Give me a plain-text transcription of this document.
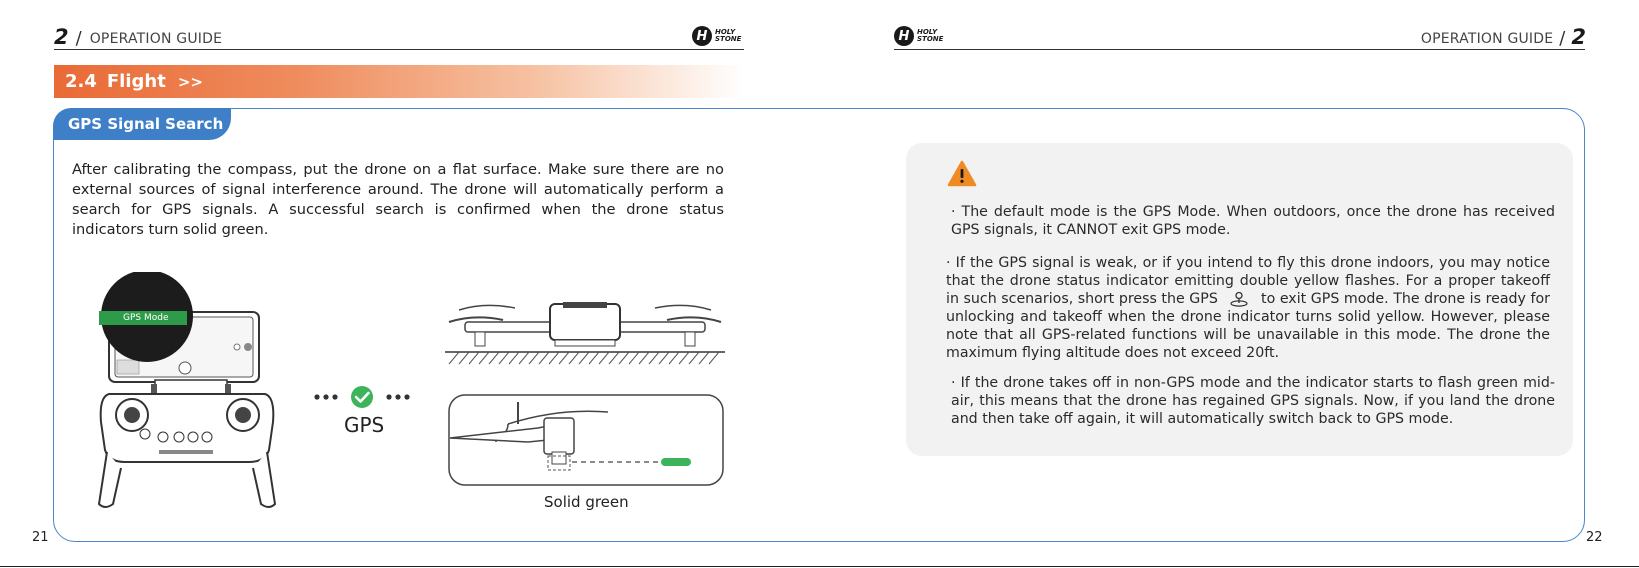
2 / OPERATION GUIDE	H	HOLY
STONE	H	HOLY
STONE	OPERATION GUIDE / 2
2.4 Flight >>
GPS Signal Search

After calibrating the compass, put the drone on a flat surface. Make sure there are no external sources of signal interference around. The drone will automatically perform a search for GPS signals. A successful search is confirmed when the drone status indicators turn solid green.

GPS Mode
GPS
Solid green

· The default mode is the GPS Mode. When outdoors, once the drone has received GPS signals, it CANNOT exit GPS mode.

· If the GPS signal is weak, or if you intend to fly this drone indoors, you may notice that the drone status indicator emitting double yellow flashes. For a proper takeoff in such scenarios, short press the GPS	to exit GPS mode. The drone is ready for unlocking and takeoff when the drone indicator turns solid yellow. However, please note that all GPS-related functions will be unavailable in this mode. The drone the maximum flying altitude does not exceed 20ft.

· If the drone takes off in non-GPS mode and the indicator starts to flash green mid-air, this means that the drone has regained GPS signals. Now, if you land the drone and then take off again, it will automatically switch back to GPS mode.

21	22
